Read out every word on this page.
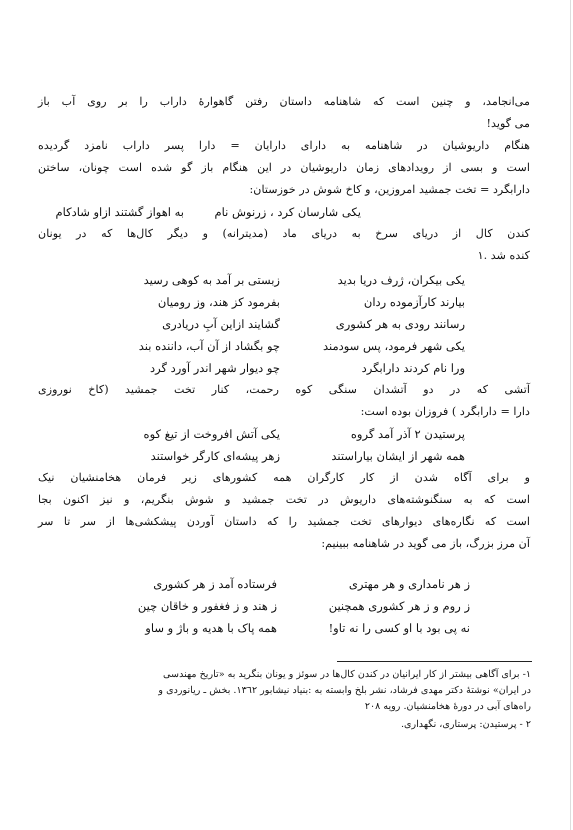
می‌انجامد، و چنین است که شاهنامه داستان رفتن گاهوارهٔ داراب را بر روی آب باز
می گوید!
هنگام داریوشیان در شاهنامه به دارای دارایان = دارا پسر داراب نامزد گردیده
است و بسی از رویدادهای زمان داریوشیان در این هنگام باز گو شده است چونان، ساختن
دارابگرد = تخت جمشید امروزین، و کاخ شوش در خوزستان:
یکی شارسان کرد ، زرنوش نام
به اهواز گشتند ازاو شادکام
کندن کال از دریای سرخ به دریای ماد (مدیترانه) و دیگر کال‌ها که در یونان
کنده شد .١
زبستی بر آمد به کوهی رسید	یکی بیکران، ژرف دریا بدید
بفرمود کز هند، وز رومیان	بیارند کارآزموده ردان
گشایند ازاین آبِ دریادری	رسانند رودی به هر کشوری
چو بگشاد از آن آب، داننده بند	یکی شهر فرمود، پس سودمند
چو دیوار شهر اندر آورد گرد	ورا نام کردند دارابگرد
آتشی که در دو آتشدان سنگی کوه رحمت، کنار تخت جمشید (کاخ نوروزی
دارا = دارابگرد ) فروزان بوده است:
یکی آتش افروخت از تیغ کوه	پرستیدن ٢ آذر آمد گروه
زهر پیشه‌ای کارگر خواستند	همه شهر از ایشان بیاراستند
و برای آگاه شدن از کار کارگران همه کشورهای زیر فرمان هخامنشیان نیک
است که به سنگنوشته‌های داریوش در تخت جمشید و شوش بنگریم، و نیز اکنون بجا
است که نگاره‌های دیوارهای تخت جمشید را که داستان آوردن پیشکشی‌ها از سر تا سر
آن مرز بزرگ، باز می گوید در شاهنامه ببینیم:
فرستاده آمد ز هر کشوری	ز هر نامداری و هر مهتری
ز هند و ز فغفور و خاقان چین	ز روم و ز هر کشوری همچنین
همه پاک با هدیه و باژ و ساو	نه پی بود با او کسی را نه تاو!
١- برای آگاهی بیشتر از کار ایرانیان در کندن کال‌ها در سوئز و یونان بنگرید به «تاریخ مهندسی
در ایران» نوشتهٔ دکتر مهدی فرشاد، نشر بلخ وابسته به :بنیاد نیشابور ١٣٦٢. بخش ـ ریانوردی و
راه‌های آبی در دورهٔ هخامنشیان. رویه ٢٠٨
٢ - پرستیدن: پرستاری، نگهداری.
